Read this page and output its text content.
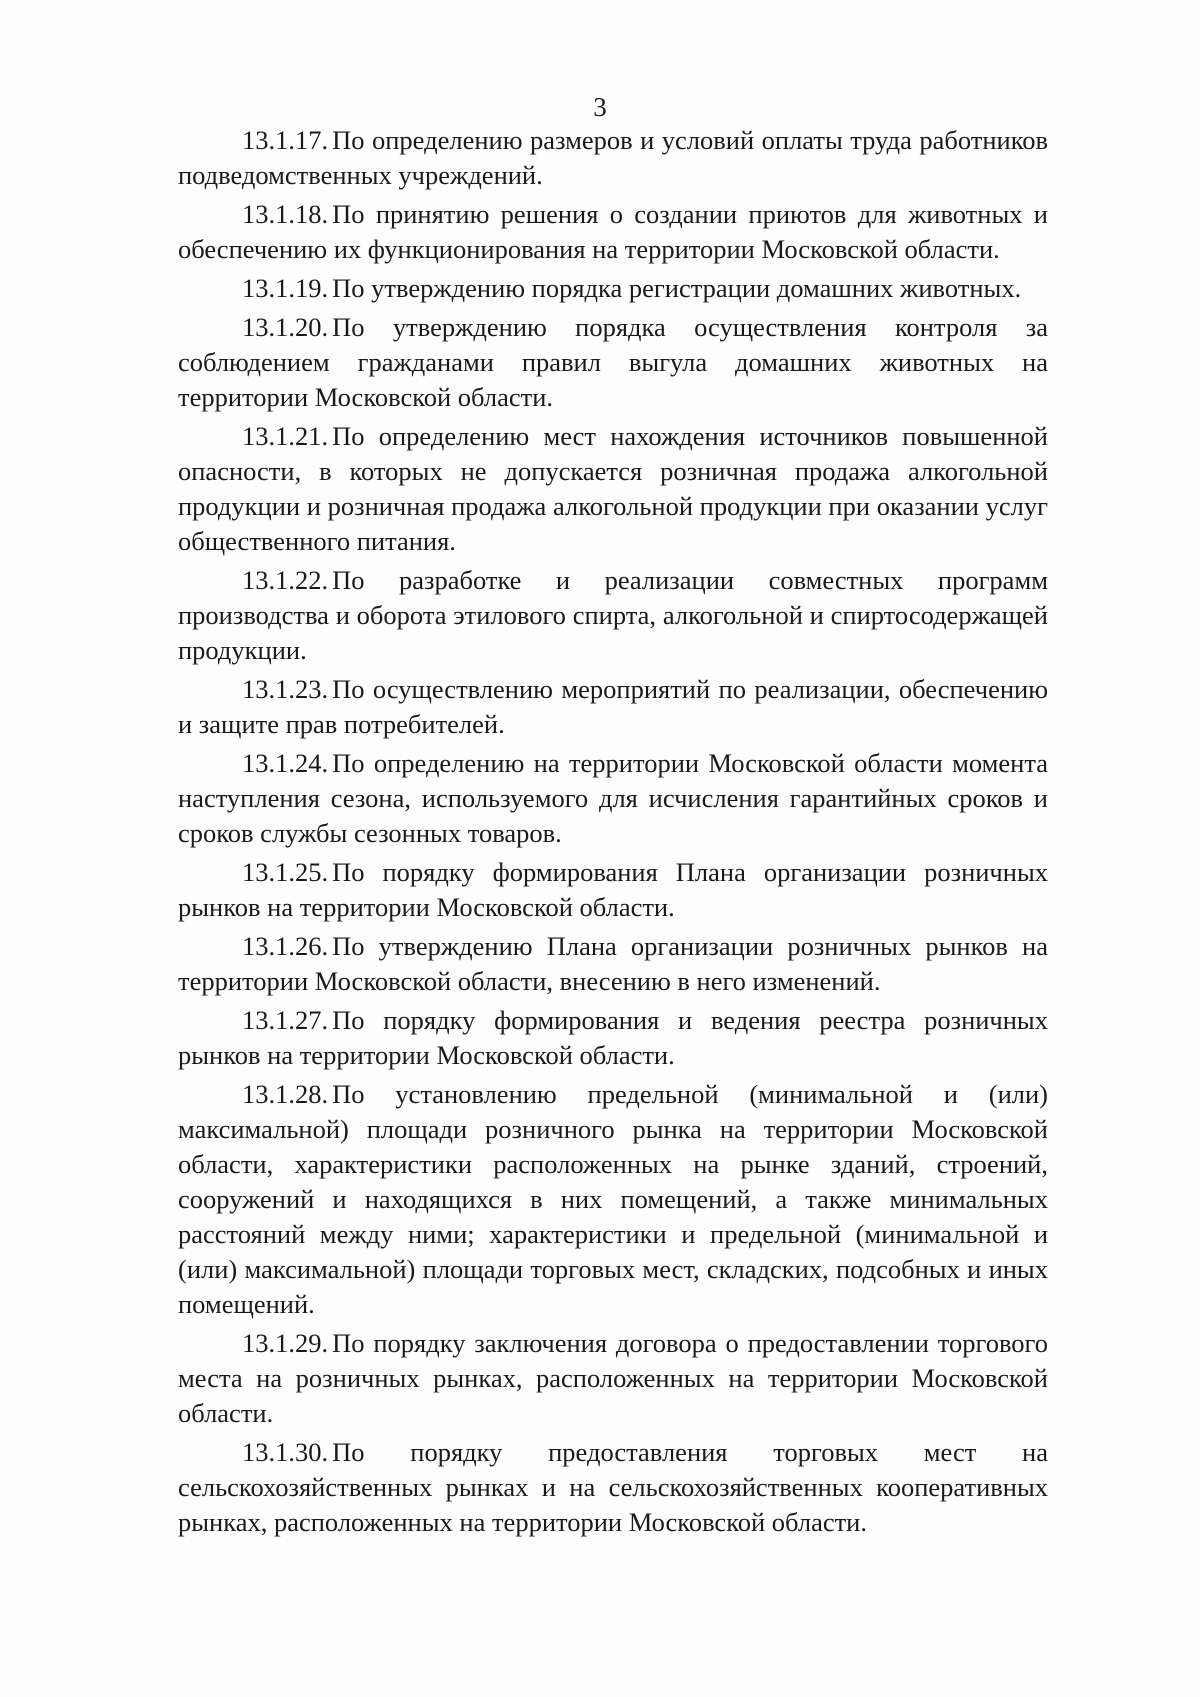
3

13.1.17. По определению размеров и условий оплаты труда работников подведомственных учреждений.

13.1.18. По принятию решения о создании приютов для животных и обеспечению их функционирования на территории Московской области.

13.1.19. По утверждению порядка регистрации домашних животных.

13.1.20. По утверждению порядка осуществления контроля за соблюдением гражданами правил выгула домашних животных на территории Московской области.

13.1.21. По определению мест нахождения источников повышенной опасности, в которых не допускается розничная продажа алкогольной продукции и розничная продажа алкогольной продукции при оказании услуг общественного питания.

13.1.22. По разработке и реализации совместных программ производства и оборота этилового спирта, алкогольной и спиртосодержащей продукции.

13.1.23. По осуществлению мероприятий по реализации, обеспечению и защите прав потребителей.

13.1.24. По определению на территории Московской области момента наступления сезона, используемого для исчисления гарантийных сроков и сроков службы сезонных товаров.

13.1.25. По порядку формирования Плана организации розничных рынков на территории Московской области.

13.1.26. По утверждению Плана организации розничных рынков на территории Московской области, внесению в него изменений.

13.1.27. По порядку формирования и ведения реестра розничных рынков на территории Московской области.

13.1.28. По установлению предельной (минимальной и (или) максимальной) площади розничного рынка на территории Московской области, характеристики расположенных на рынке зданий, строений, сооружений и находящихся в них помещений, а также минимальных расстояний между ними; характеристики и предельной (минимальной и (или) максимальной) площади торговых мест, складских, подсобных и иных помещений.

13.1.29. По порядку заключения договора о предоставлении торгового места на розничных рынках, расположенных на территории Московской области.

13.1.30. По порядку предоставления торговых мест на сельскохозяйственных рынках и на сельскохозяйственных кооперативных рынках, расположенных на территории Московской области.
